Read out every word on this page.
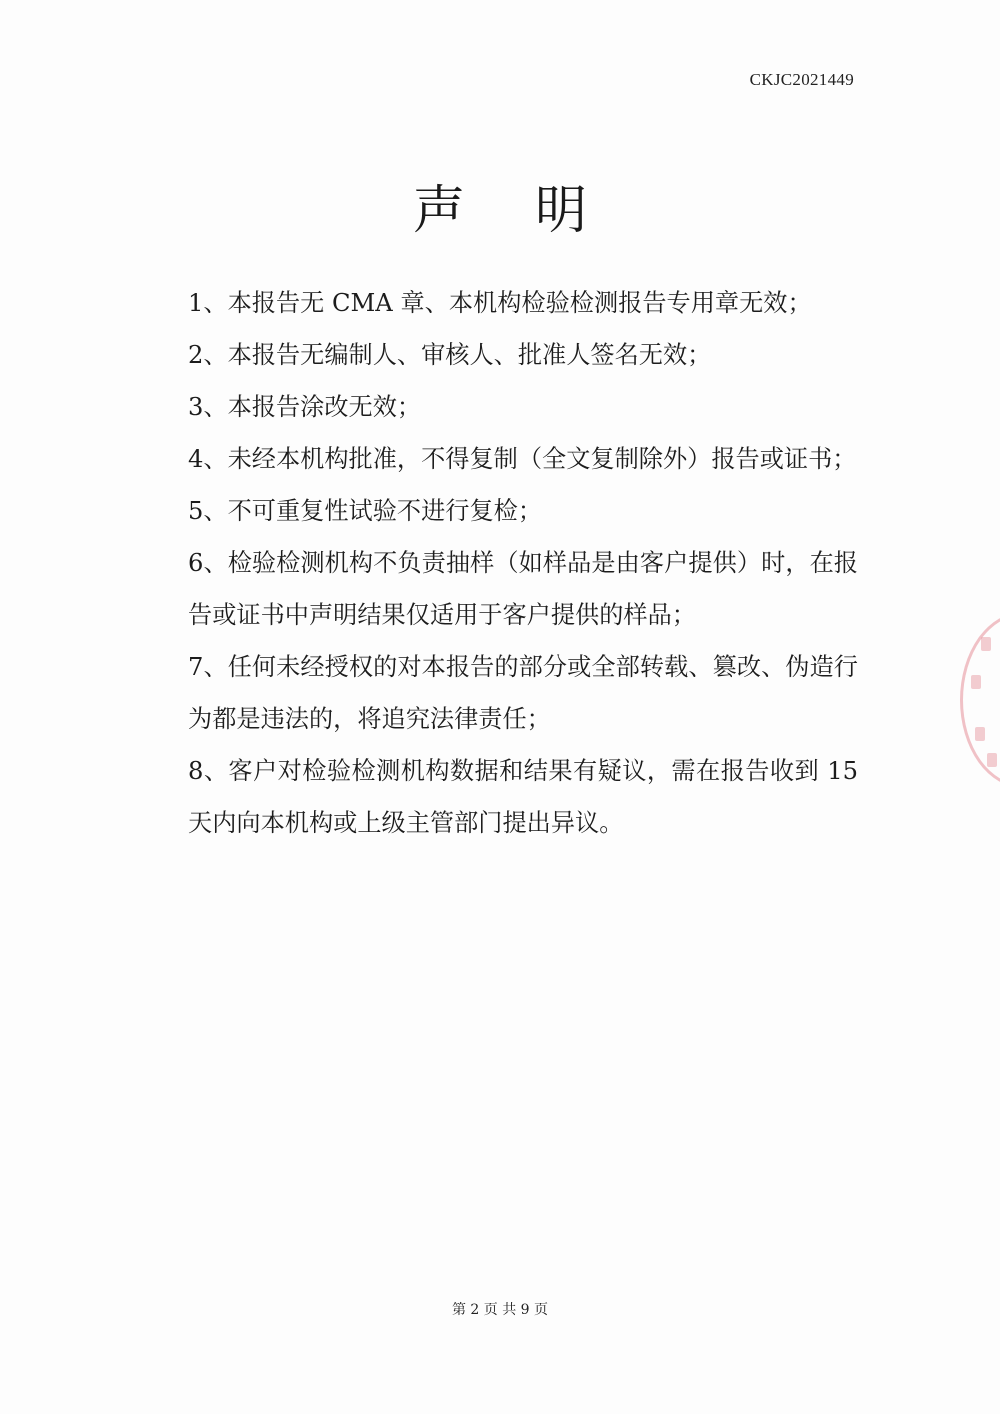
CKJC2021449
声明
1、本报告无 CMA 章、本机构检验检测报告专用章无效；
2、本报告无编制人、审核人、批准人签名无效；
3、本报告涂改无效；
4、未经本机构批准，不得复制（全文复制除外）报告或证书；
5、不可重复性试验不进行复检；
6、检验检测机构不负责抽样（如样品是由客户提供）时，在报告或证书中声明结果仅适用于客户提供的样品；
7、任何未经授权的对本报告的部分或全部转载、篡改、伪造行为都是违法的，将追究法律责任；
8、客户对检验检测机构数据和结果有疑议，需在报告收到 15 天内向本机构或上级主管部门提出异议。
第 2 页 共 9 页
